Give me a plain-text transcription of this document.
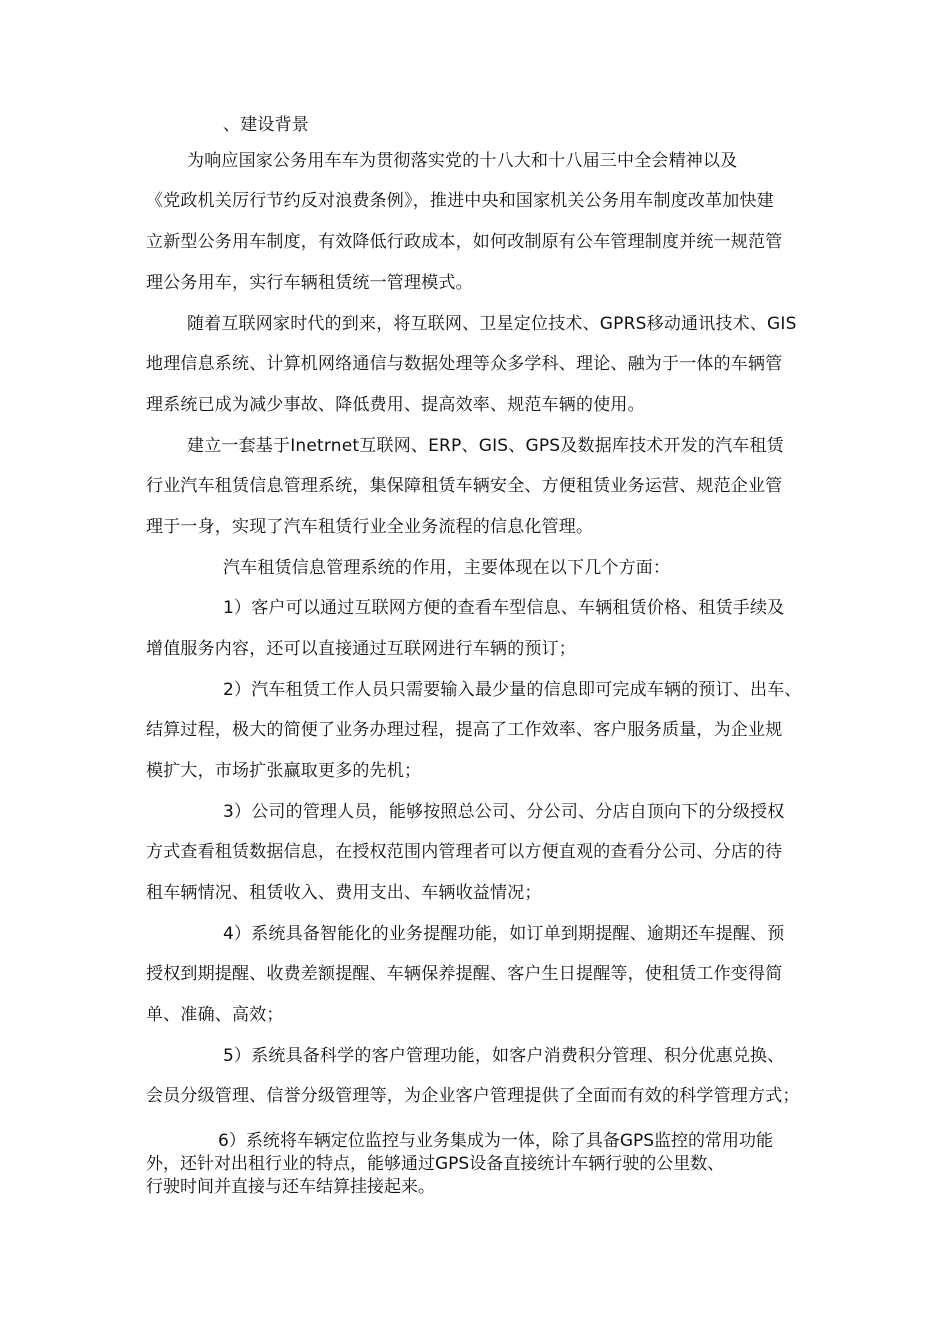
、建设背景
为响应国家公务用车车为贯彻落实党的十八大和十八届三中全会精神以及
《党政机关厉行节约反对浪费条例》，推进中央和国家机关公务用车制度改革加快建
立新型公务用车制度，有效降低行政成本，如何改制原有公车管理制度并统一规范管
理公务用车，实行车辆租赁统一管理模式。
随着互联网家时代的到来，将互联网、卫星定位技术、GPRS移动通讯技术、GIS
地理信息系统、计算机网络通信与数据处理等众多学科、理论、融为于一体的车辆管
理系统已成为减少事故、降低费用、提高效率、规范车辆的使用。
建立一套基于Inetrnet互联网、ERP、GIS、GPS及数据库技术开发的汽车租赁
行业汽车租赁信息管理系统，集保障租赁车辆安全、方便租赁业务运营、规范企业管
理于一身，实现了汽车租赁行业全业务流程的信息化管理。
汽车租赁信息管理系统的作用，主要体现在以下几个方面：
1）客户可以通过互联网方便的查看车型信息、车辆租赁价格、租赁手续及
增值服务内容，还可以直接通过互联网进行车辆的预订；
2）汽车租赁工作人员只需要输入最少量的信息即可完成车辆的预订、出车、
结算过程，极大的简便了业务办理过程，提高了工作效率、客户服务质量，为企业规
模扩大，市场扩张赢取更多的先机；
3）公司的管理人员，能够按照总公司、分公司、分店自顶向下的分级授权
方式查看租赁数据信息，在授权范围内管理者可以方便直观的查看分公司、分店的待
租车辆情况、租赁收入、费用支出、车辆收益情况；
4）系统具备智能化的业务提醒功能，如订单到期提醒、逾期还车提醒、预
授权到期提醒、收费差额提醒、车辆保养提醒、客户生日提醒等，使租赁工作变得简
单、准确、高效；
5）系统具备科学的客户管理功能，如客户消费积分管理、积分优惠兑换、
会员分级管理、信誉分级管理等，为企业客户管理提供了全面而有效的科学管理方式；
6）系统将车辆定位监控与业务集成为一体，除了具备GPS监控的常用功能
外，还针对出租行业的特点，能够通过GPS设备直接统计车辆行驶的公里数、
行驶时间并直接与还车结算挂接起来。
